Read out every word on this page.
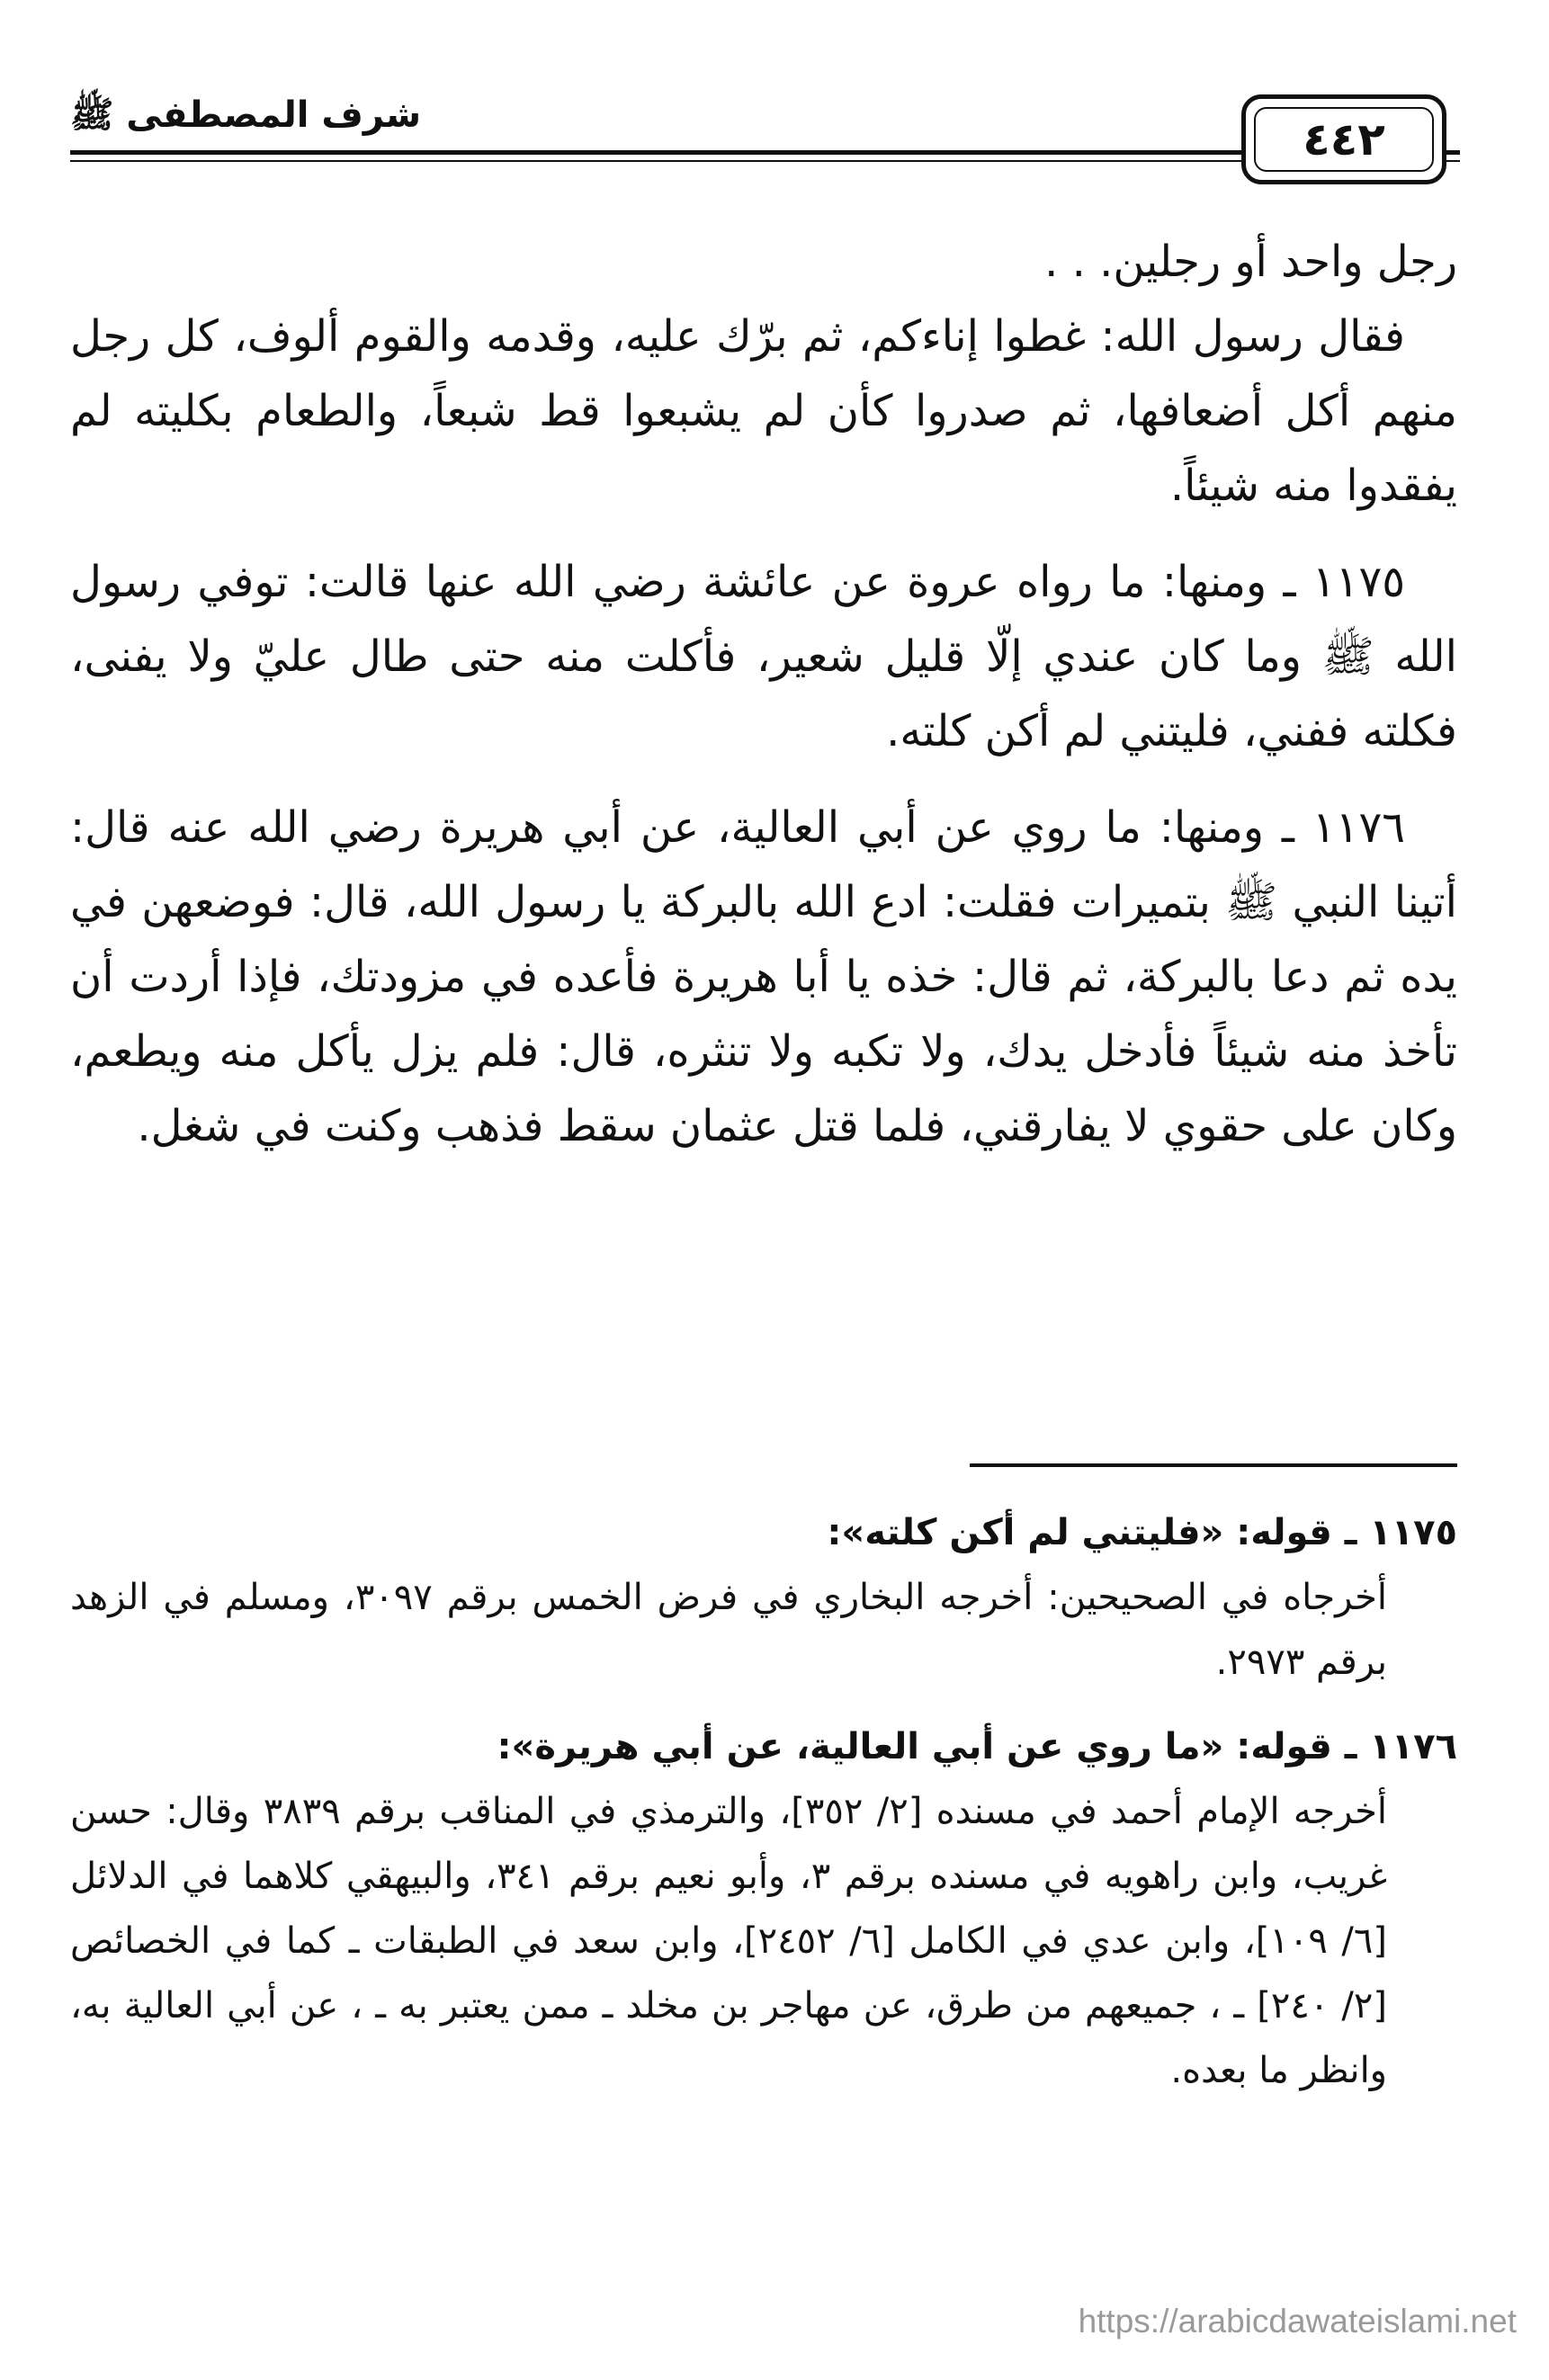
شرف المصطفى ﷺ	٤٤٢

رجل واحد أو رجلين. . .

فقال رسول الله: غطوا إناءكم، ثم برّك عليه، وقدمه والقوم ألوف، كل رجل منهم أكل أضعافها، ثم صدروا كأن لم يشبعوا قط شبعاً، والطعام بكليته لم يفقدوا منه شيئاً.

١١٧٥ ـ ومنها: ما رواه عروة عن عائشة رضي الله عنها قالت: توفي رسول الله ﷺ وما كان عندي إلّا قليل شعير، فأكلت منه حتى طال عليّ ولا يفنى، فكلته ففني، فليتني لم أكن كلته.

١١٧٦ ـ ومنها: ما روي عن أبي العالية، عن أبي هريرة رضي الله عنه قال: أتينا النبي ﷺ بتميرات فقلت: ادع الله بالبركة يا رسول الله، قال: فوضعهن في يده ثم دعا بالبركة، ثم قال: خذه يا أبا هريرة فأعده في مزودتك، فإذا أردت أن تأخذ منه شيئاً فأدخل يدك، ولا تكبه ولا تنثره، قال: فلم يزل يأكل منه ويطعم، وكان على حقوي لا يفارقني، فلما قتل عثمان سقط فذهب وكنت في شغل.

١١٧٥ ـ قوله: «فليتني لم أكن كلته»:

أخرجاه في الصحيحين: أخرجه البخاري في فرض الخمس برقم ٣٠٩٧، ومسلم في الزهد برقم ٢٩٧٣.

١١٧٦ ـ قوله: «ما روي عن أبي العالية، عن أبي هريرة»:

أخرجه الإمام أحمد في مسنده [٢/ ٣٥٢]، والترمذي في المناقب برقم ٣٨٣٩ وقال: حسن غريب، وابن راهويه في مسنده برقم ٣، وأبو نعيم برقم ٣٤١، والبيهقي كلاهما في الدلائل [٦/ ١٠٩]، وابن عدي في الكامل [٦/ ٢٤٥٢]، وابن سعد في الطبقات ـ كما في الخصائص [٢/ ٢٤٠] ـ ، جميعهم من طرق، عن مهاجر بن مخلد ـ ممن يعتبر به ـ ، عن أبي العالية به، وانظر ما بعده.

https://arabicdawateislami.net
